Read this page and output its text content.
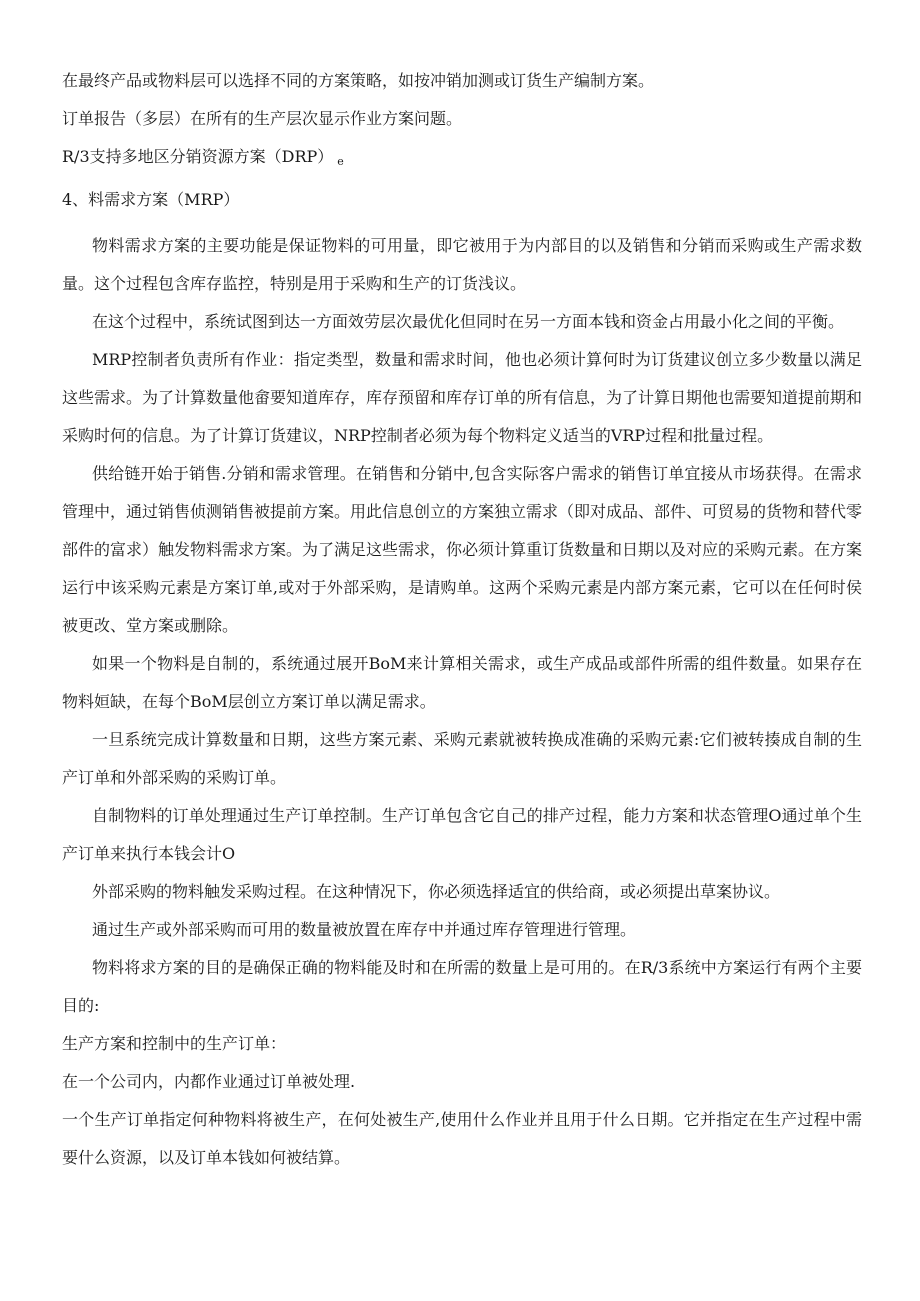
在最终产品或物料层可以选择不同的方案策略，如按冲销加测或订货生产编制方案。

订单报告（多层）在所有的生产层次显示作业方案问题。

R/3支持多地区分销资源方案（DRP） e

4、料需求方案（MRP）

物料需求方案的主要功能是保证物料的可用量，即它被用于为内部目的以及销售和分销而采购或生产需求数量。这个过程包含库存监控，特别是用于采购和生产的订货浅议。

在这个过程中，系统试图到达一方面效劳层次最优化但同时在另一方面本钱和资金占用最小化之间的平衡。

MRP控制者负责所有作业：指定类型，数量和需求时间，他也必须计算何时为订货建议创立多少数量以满足这些需求。为了计算数量他畲要知道库存，库存预留和库存订单的所有信息，为了计算日期他也需要知道提前期和采购时何的信息。为了计算订货建议，NRP控制者必须为每个物料定义适当的VRP过程和批量过程。

供给链开始于销售.分销和需求管理。在销售和分销中,包含实际客户需求的销售订单宜接从市场获得。在需求管理中，通过销售侦测销售被提前方案。用此信息创立的方案独立需求（即对成品、部件、可贸易的货物和替代零部件的富求）触发物料需求方案。为了满足这些需求，你必须计算重订货数量和日期以及对应的采购元素。在方案运行中该采购元素是方案订单,或对于外部采购，是请购单。这两个采购元素是内部方案元素，它可以在任何时侯被更改、堂方案或删除。

如果一个物料是自制的，系统通过展开BoM来计算相关需求，或生产成品或部件所需的组件数量。如果存在物料姮缺，在每个BoM层创立方案订单以满足需求。

一旦系统完成计算数量和日期，这些方案元素、采购元素就被转换成准确的采购元素:它们被转揍成自制的生产订单和外部采购的采购订单。

自制物料的订单处理通过生产订单控制。生产订单包含它自己的排产过程，能力方案和状态管理O通过单个生产订单来执行本钱会计O

外部采购的物料触发采购过程。在这种情况下，你必须选择适宜的供给商，或必须提出草案协议。

通过生产或外部采购而可用的数量被放置在库存中并通过库存管理进行管理。

物料将求方案的目的是确保正确的物料能及时和在所需的数量上是可用的。在R/3系统中方案运行有两个主要目的:

生产方案和控制中的生产订单：

在一个公司内，内都作业通过订单被处理.

一个生产订单指定何种物料将被生产，在何处被生产,使用什么作业并且用于什么日期。它并指定在生产过程中需要什么资源，以及订单本钱如何被结算。
